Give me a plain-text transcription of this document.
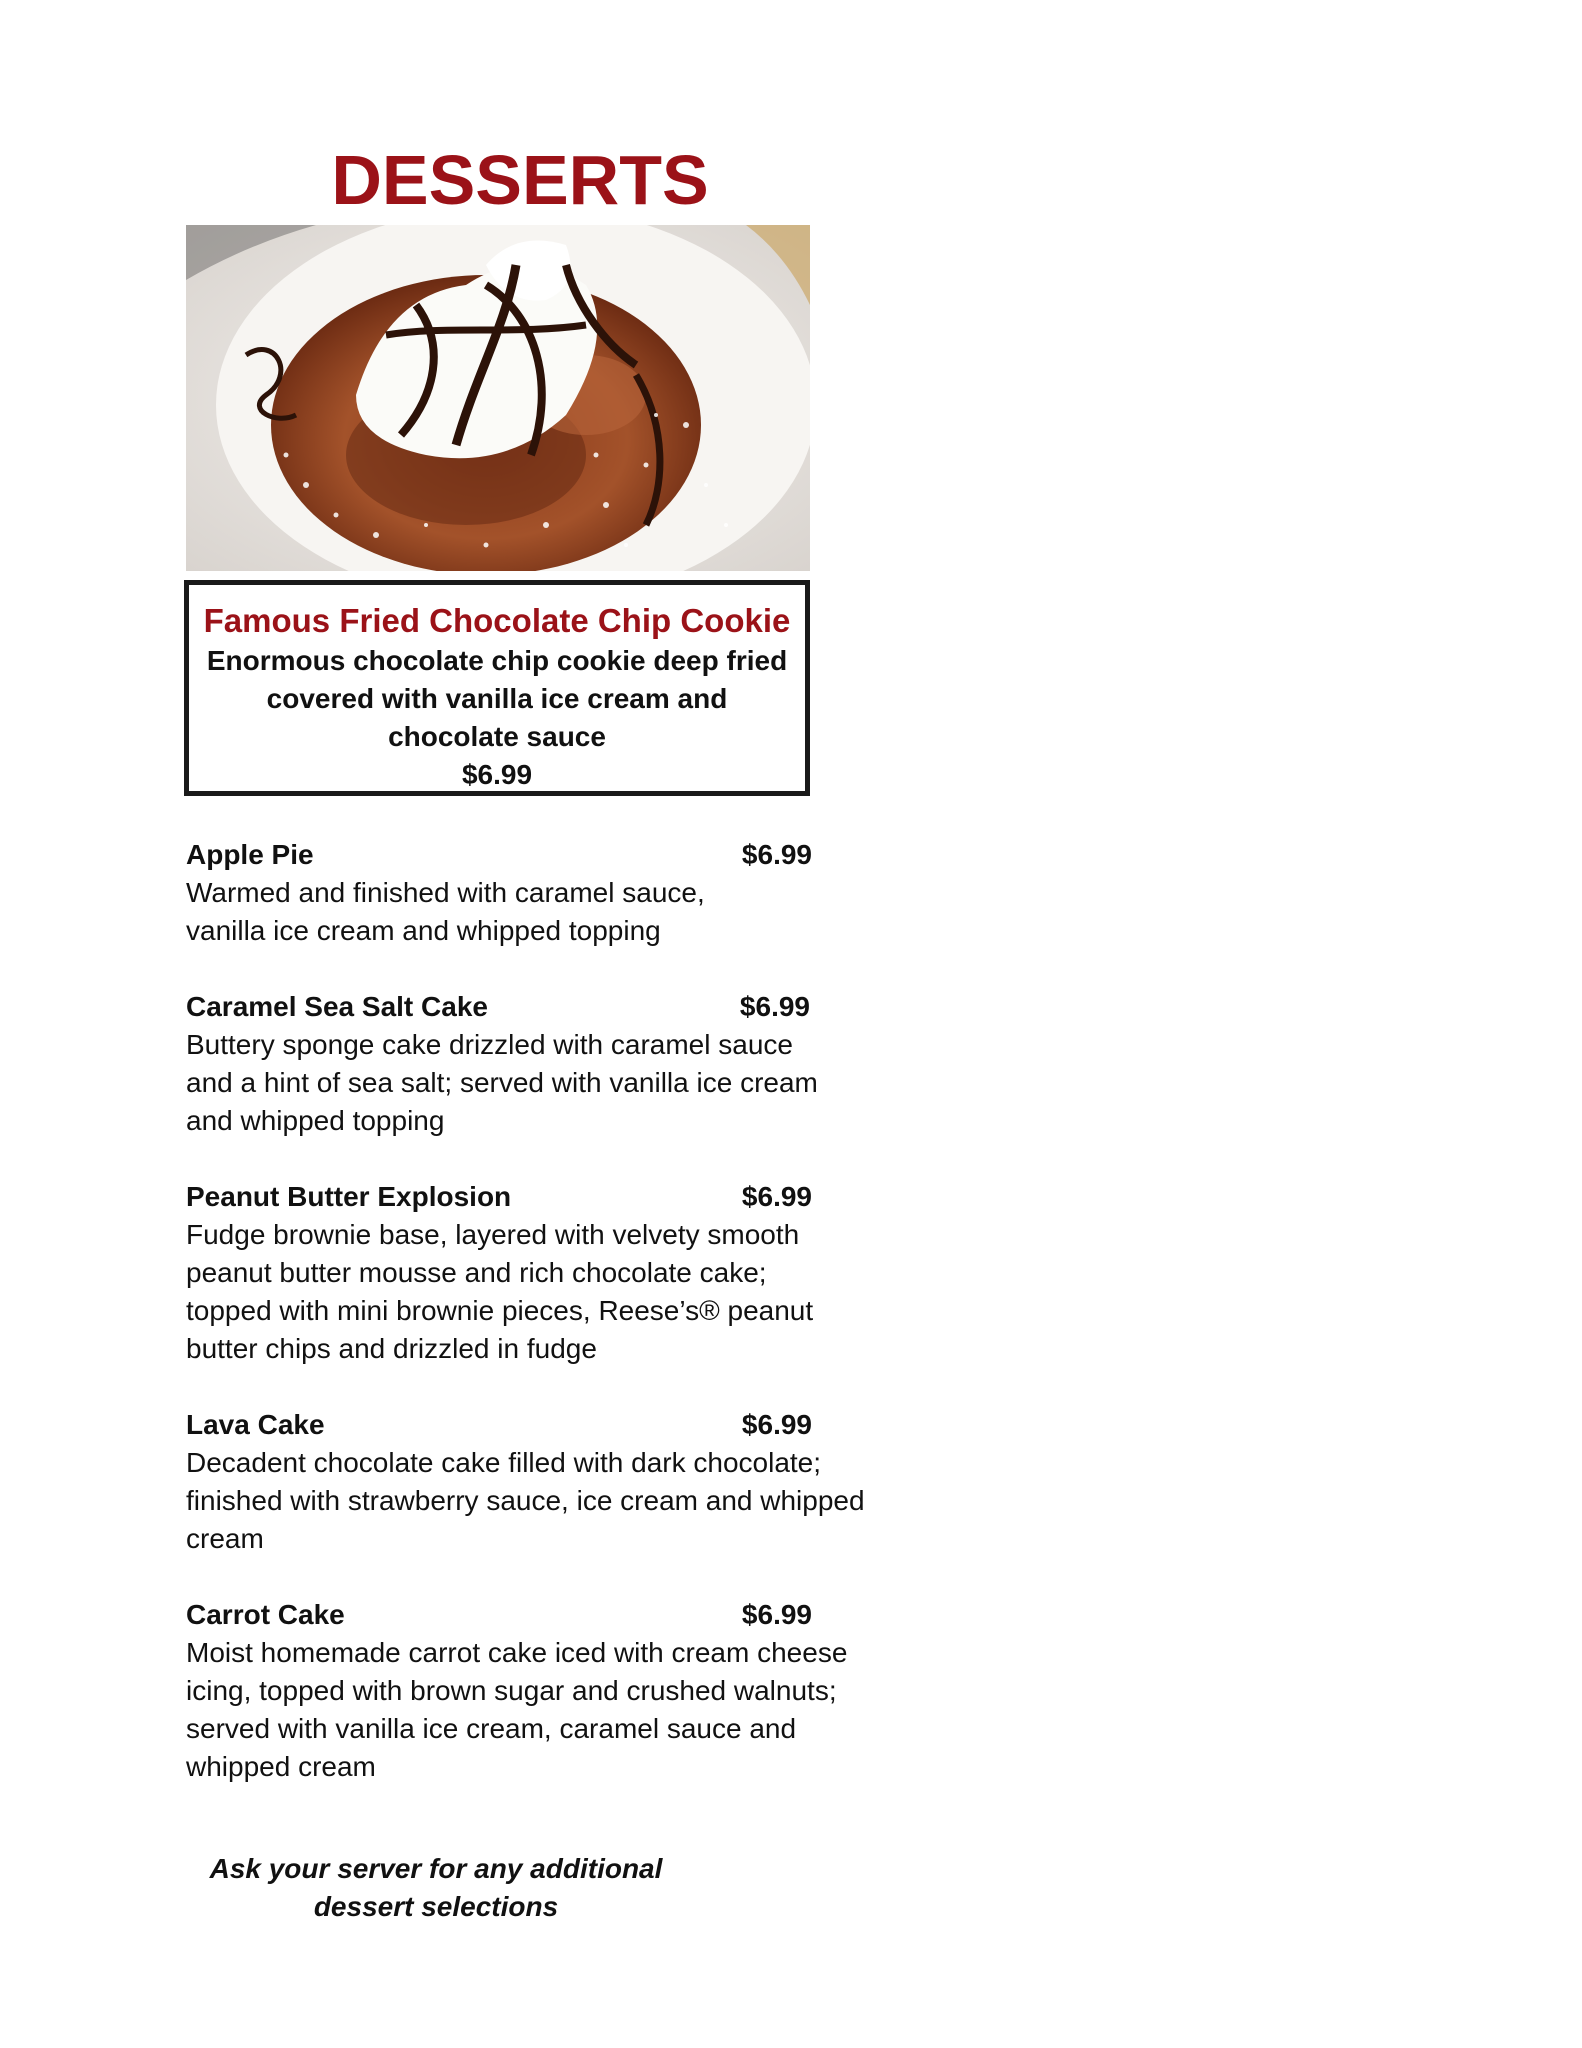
DESSERTS
Famous Fried Chocolate Chip Cookie
Enormous chocolate chip cookie deep fried covered with vanilla ice cream and chocolate sauce
$6.99
Apple Pie	$6.99
Warmed and finished with caramel sauce, vanilla ice cream and whipped topping
Caramel Sea Salt Cake	$6.99
Buttery sponge cake drizzled with caramel sauce and a hint of sea salt; served with vanilla ice cream and whipped topping
Peanut Butter Explosion	$6.99
Fudge brownie base, layered with velvety smooth peanut butter mousse and rich chocolate cake; topped with mini brownie pieces, Reese’s® peanut butter chips and drizzled in fudge
Lava Cake	$6.99
Decadent chocolate cake filled with dark chocolate; finished with strawberry sauce, ice cream and whipped cream
Carrot Cake	$6.99
Moist homemade carrot cake iced with cream cheese icing, topped with brown sugar and crushed walnuts; served with vanilla ice cream, caramel sauce and whipped cream
Ask your server for any additional dessert selections
